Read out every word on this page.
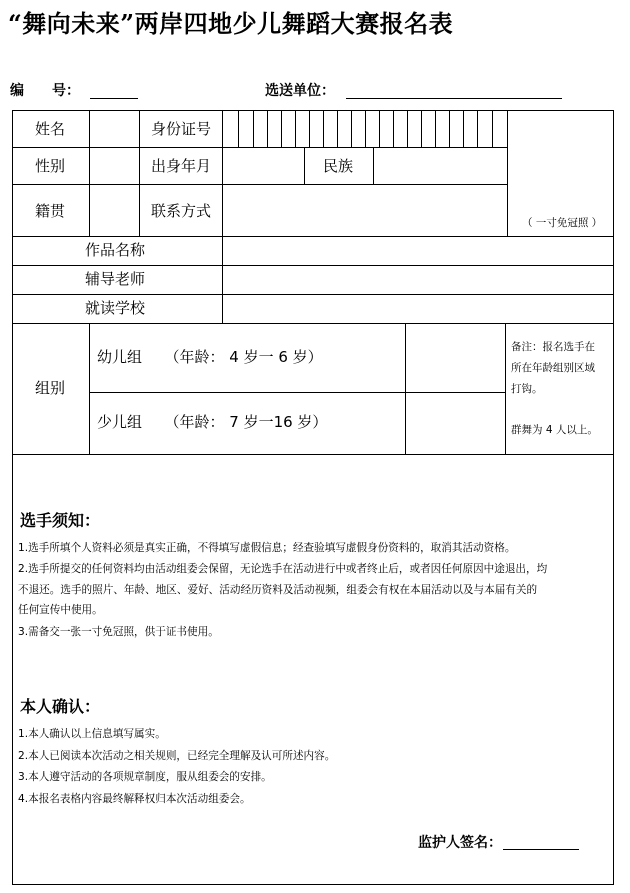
“舞向未来”两岸四地少儿舞蹈大赛报名表
编　　号：	选送单位：
姓名	身份证号
性别	出身年月	民族
籍贯	联系方式
（ 一寸免冠照 ）
作品名称
辅导老师
就读学校
组别
幼儿组　　（年龄： 4 岁一 6 岁）
少儿组　　（年龄： 7 岁一16 岁）
备注：报名选手在
所在年龄组别区域
打钩。
群舞为 4 人以上。
选手须知：
1.选手所填个人资料必须是真实正确，不得填写虚假信息；经查验填写虚假身份资料的，取消其活动资格。
2.选手所提交的任何资料均由活动组委会保留，无论选手在活动进行中或者终止后，或者因任何原因中途退出，均
不退还。选手的照片、年龄、地区、爱好、活动经历资料及活动视频，组委会有权在本届活动以及与本届有关的
任何宣传中使用。
3.需备交一张一寸免冠照，供于证书使用。
本人确认：
1.本人确认以上信息填写属实。
2.本人已阅读本次活动之相关规则，已经完全理解及认可所述内容。
3.本人遵守活动的各项规章制度，服从组委会的安排。
4.本报名表格内容最终解释权归本次活动组委会。
监护人签名：
